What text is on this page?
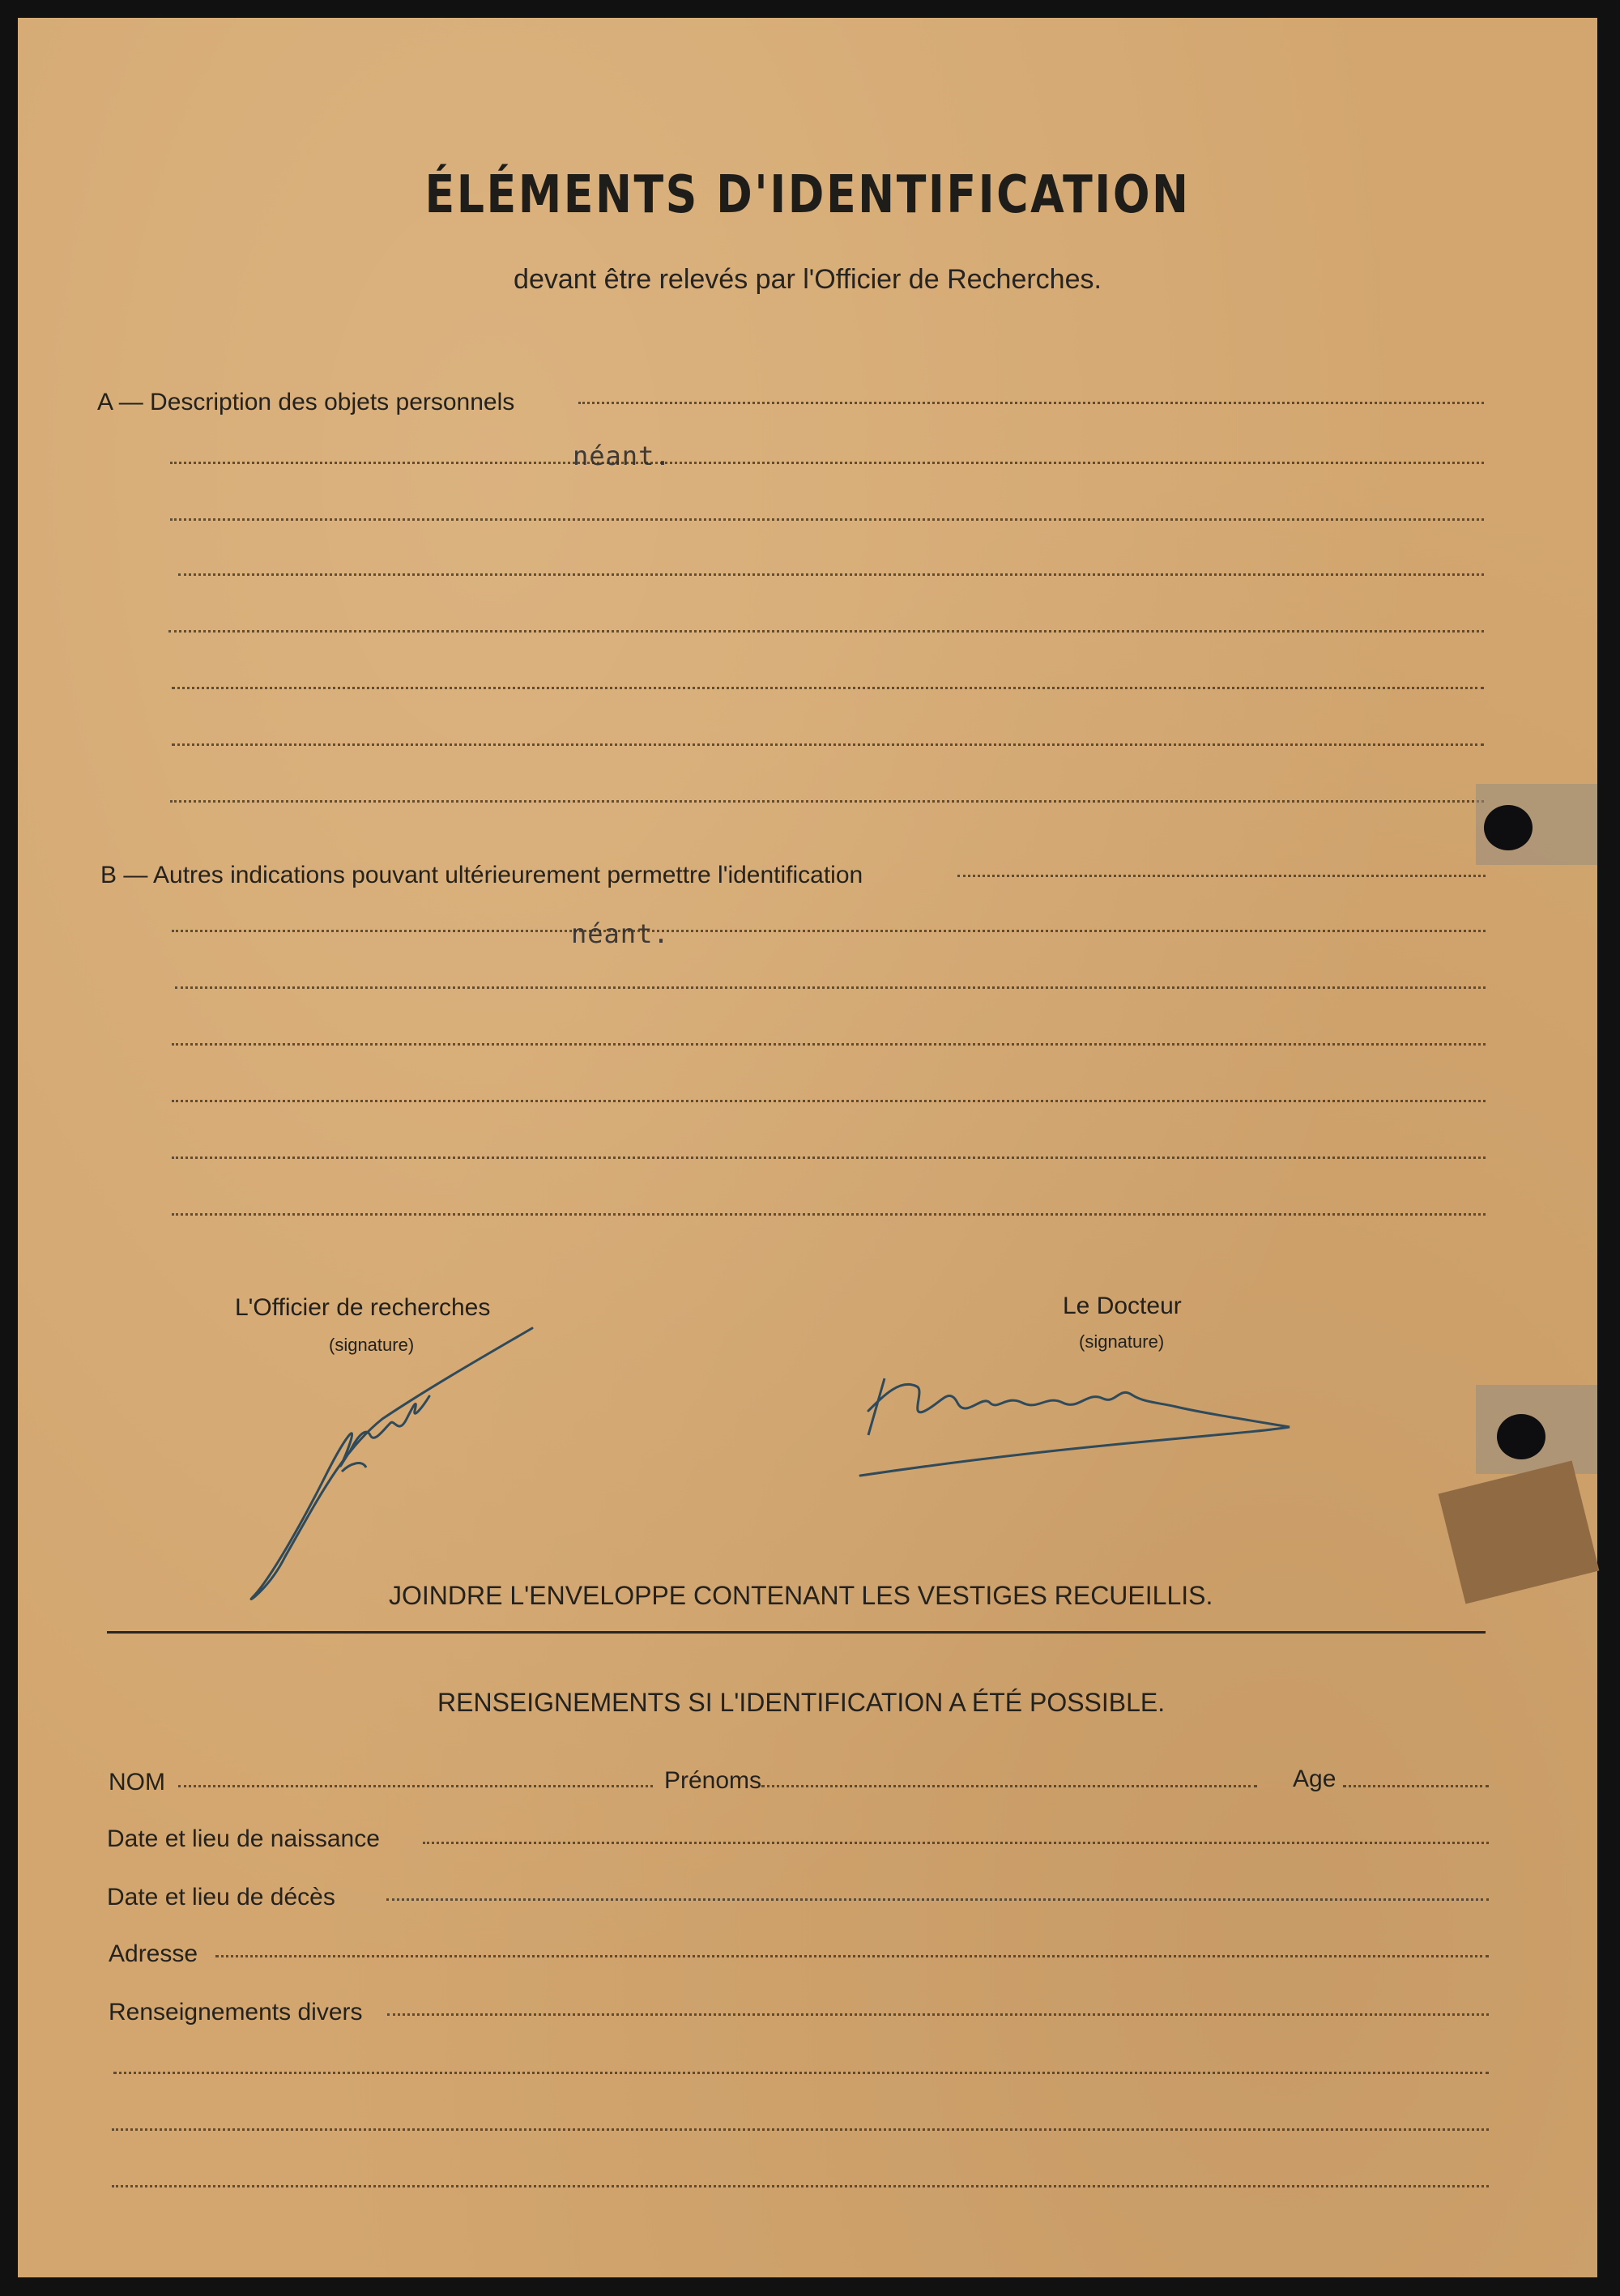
ÉLÉMENTS D'IDENTIFICATION
devant être relevés par l'Officier de Recherches.
A — Description des objets personnels
néant.
B — Autres indications pouvant ultérieurement permettre l'identification
néant.
L'Officier de recherches
(signature)
Le Docteur
(signature)
JOINDRE L'ENVELOPPE CONTENANT LES VESTIGES RECUEILLIS.
RENSEIGNEMENTS SI L'IDENTIFICATION A ÉTÉ POSSIBLE.
NOM	Prénoms	Age
Date et lieu de naissance
Date et lieu de décès
Adresse
Renseignements divers
